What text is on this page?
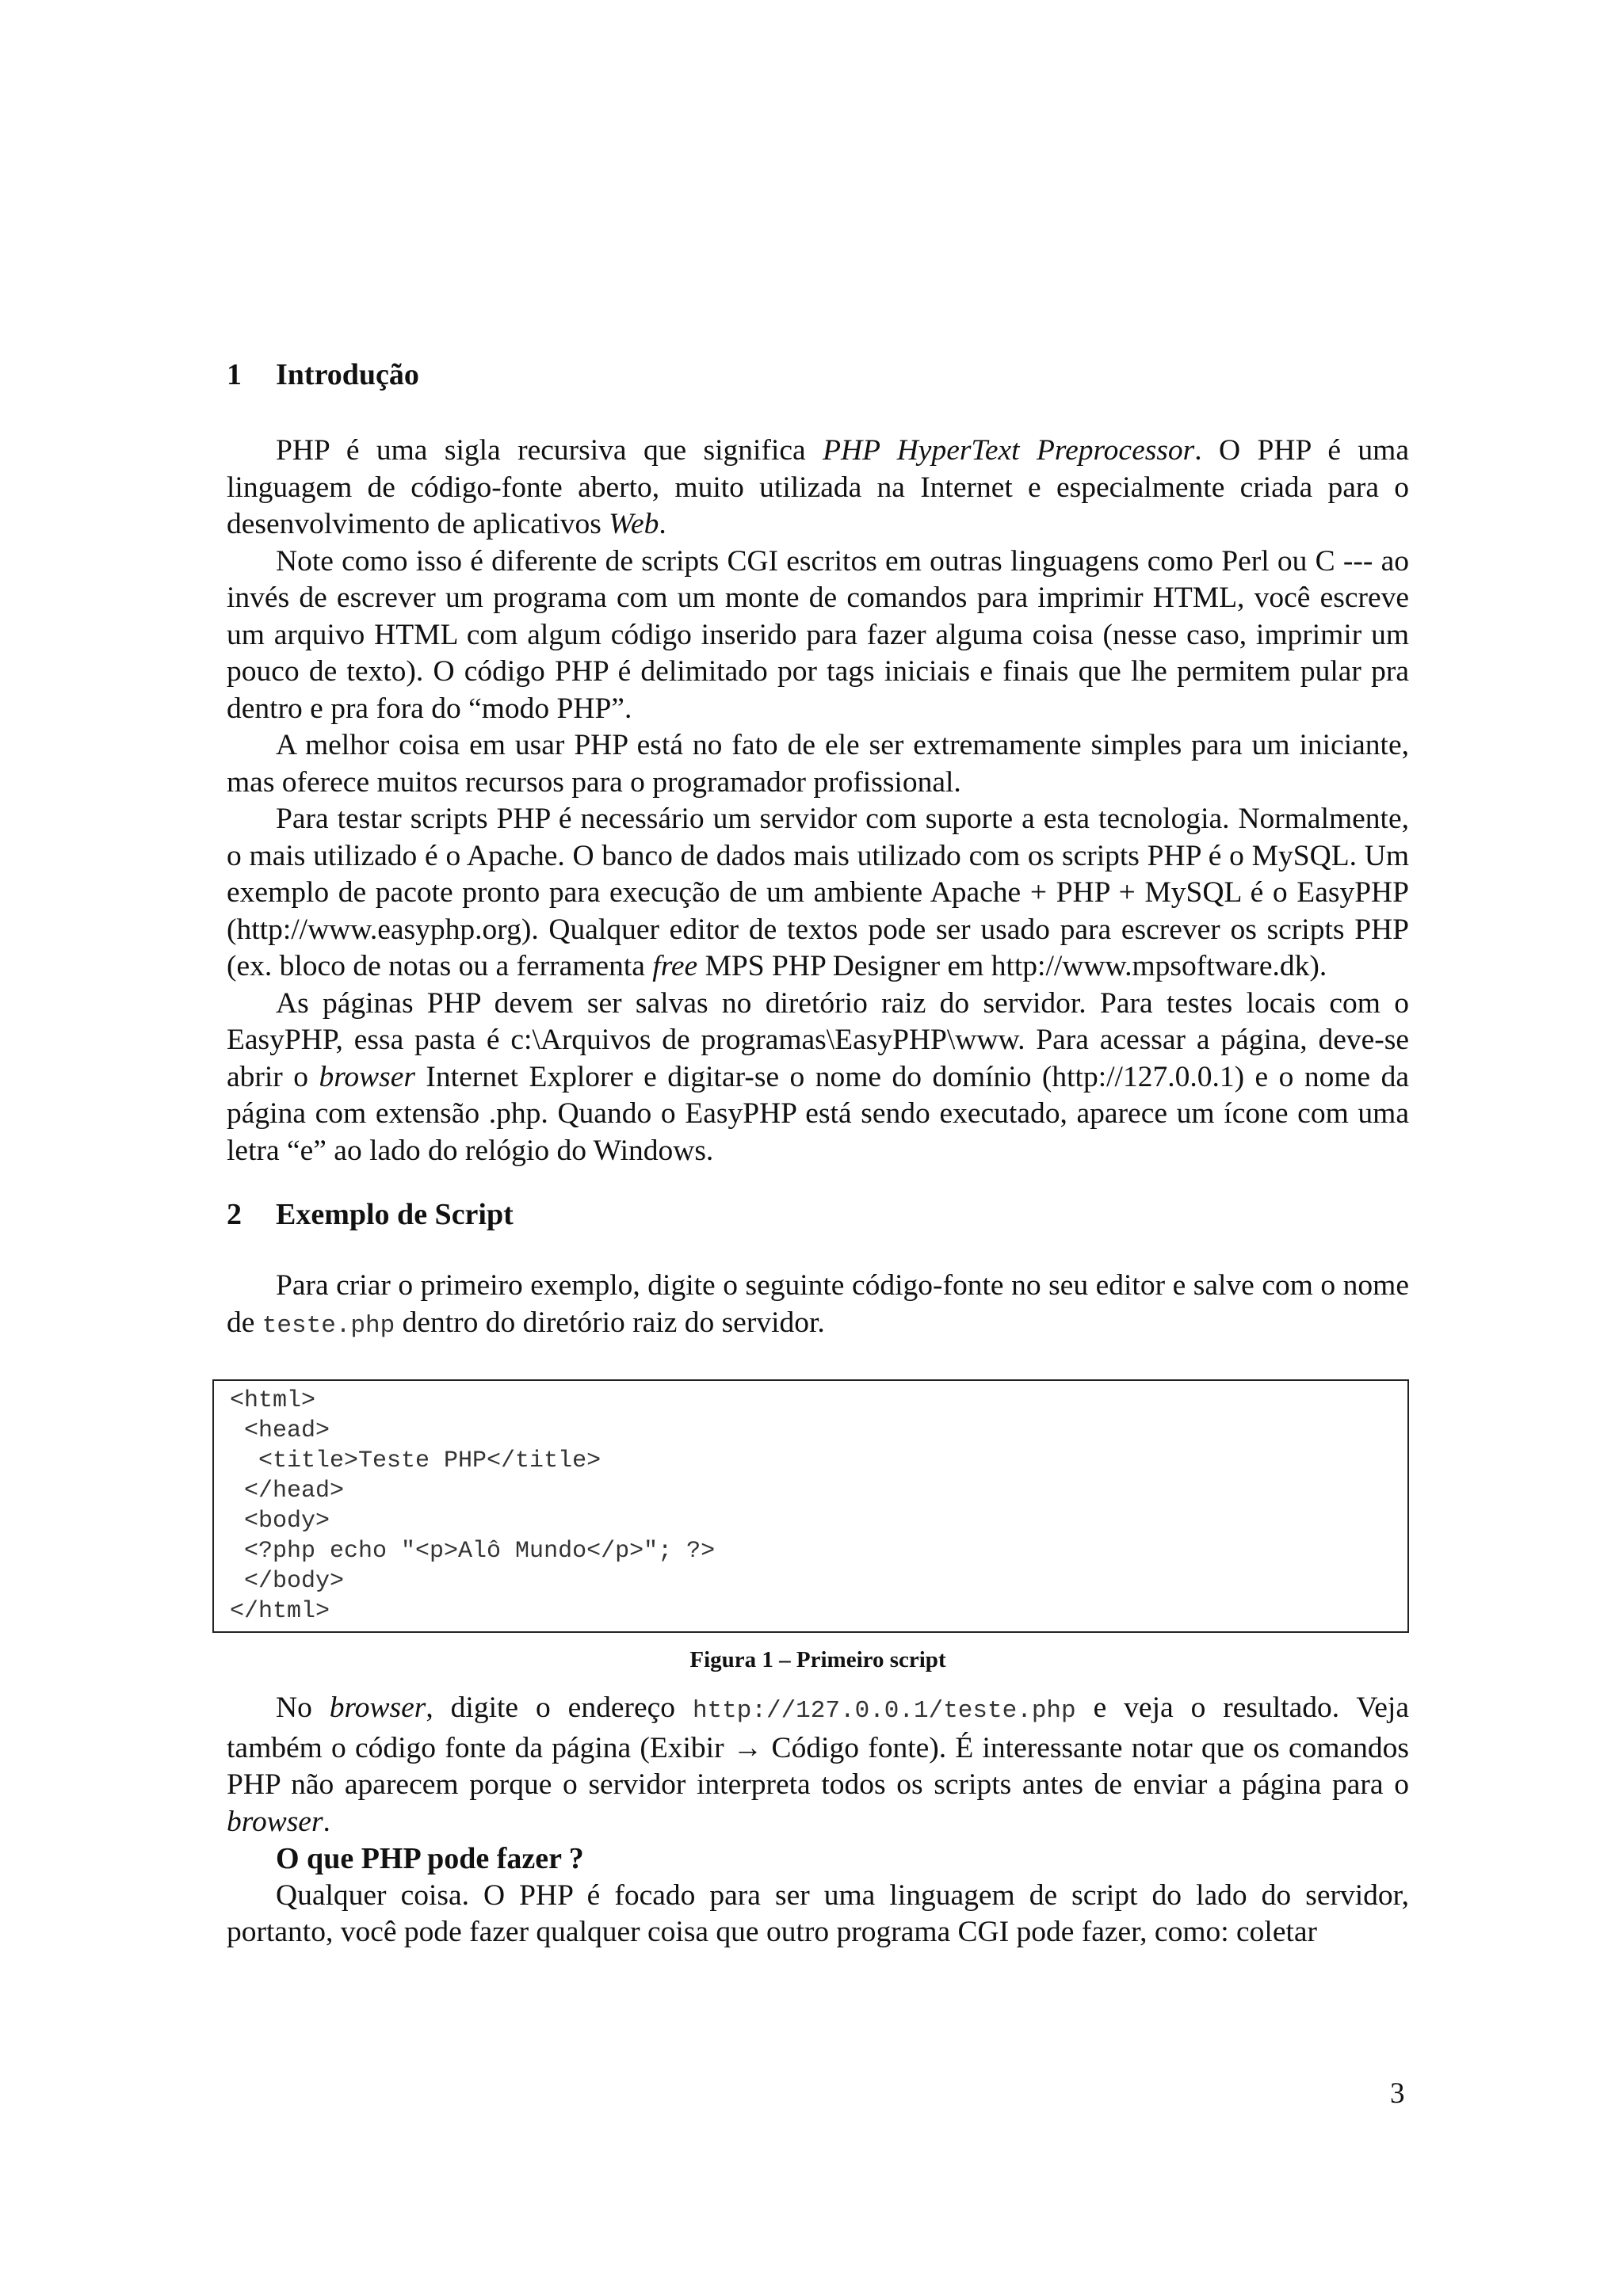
1	Introdução

PHP é uma sigla recursiva que significa PHP HyperText Preprocessor. O PHP é uma linguagem de código-fonte aberto, muito utilizada na Internet e especialmente criada para o desenvolvimento de aplicativos Web.

Note como isso é diferente de scripts CGI escritos em outras linguagens como Perl ou C --- ao invés de escrever um programa com um monte de comandos para imprimir HTML, você escreve um arquivo HTML com algum código inserido para fazer alguma coisa (nesse caso, imprimir um pouco de texto). O código PHP é delimitado por tags iniciais e finais que lhe permitem pular pra dentro e pra fora do “modo PHP”.

A melhor coisa em usar PHP está no fato de ele ser extremamente simples para um iniciante, mas oferece muitos recursos para o programador profissional.

Para testar scripts PHP é necessário um servidor com suporte a esta tecnologia. Normalmente, o mais utilizado é o Apache. O banco de dados mais utilizado com os scripts PHP é o MySQL. Um exemplo de pacote pronto para execução de um ambiente Apache + PHP + MySQL é o EasyPHP (http://www.easyphp.org). Qualquer editor de textos pode ser usado para escrever os scripts PHP (ex. bloco de notas ou a ferramenta free MPS PHP Designer em http://www.mpsoftware.dk).

As páginas PHP devem ser salvas no diretório raiz do servidor. Para testes locais com o EasyPHP, essa pasta é c:\Arquivos de programas\EasyPHP\www. Para acessar a página, deve-se abrir o browser Internet Explorer e digitar-se o nome do domínio (http://127.0.0.1) e o nome da página com extensão .php. Quando o EasyPHP está sendo executado, aparece um ícone com uma letra “e” ao lado do relógio do Windows.

2	Exemplo de Script

Para criar o primeiro exemplo, digite o seguinte código-fonte no seu editor e salve com o nome de teste.php dentro do diretório raiz do servidor.

<html>
<head>
<title>Teste PHP</title>
</head>
<body>
<?php echo "<p>Alô Mundo</p>"; ?>
</body>
</html>
Figura 1 – Primeiro script

No browser, digite o endereço http://127.0.0.1/teste.php e veja o resultado. Veja também o código fonte da página (Exibir → Código fonte). É interessante notar que os comandos PHP não aparecem porque o servidor interpreta todos os scripts antes de enviar a página para o browser.

O que PHP pode fazer ?

Qualquer coisa. O PHP é focado para ser uma linguagem de script do lado do servidor, portanto, você pode fazer qualquer coisa que outro programa CGI pode fazer, como: coletar

3
